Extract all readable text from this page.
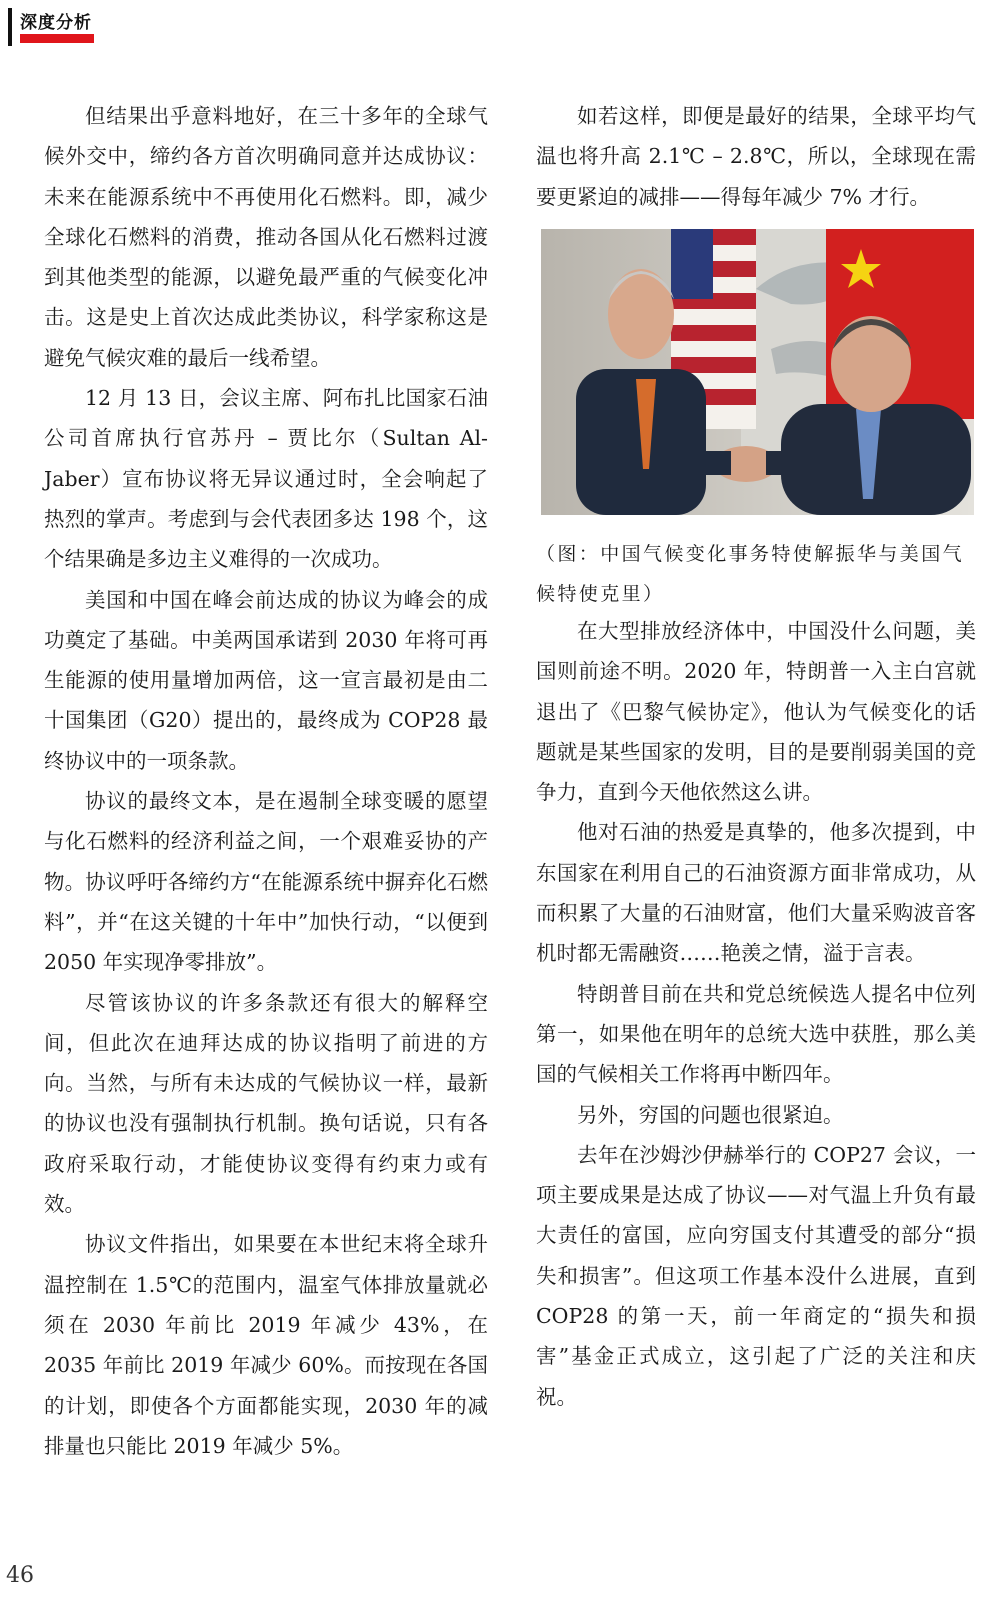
深度分析

但结果出乎意料地好，在三十多年的全球气候外交中，缔约各方首次明确同意并达成协议：未来在能源系统中不再使用化石燃料。即，减少全球化石燃料的消费，推动各国从化石燃料过渡到其他类型的能源，以避免最严重的气候变化冲击。这是史上首次达成此类协议，科学家称这是避免气候灾难的最后一线希望。

12 月 13 日，会议主席、阿布扎比国家石油公司首席执行官苏丹 – 贾比尔（Sultan Al-Jaber）宣布协议将无异议通过时，全会响起了热烈的掌声。考虑到与会代表团多达 198 个，这个结果确是多边主义难得的一次成功。

美国和中国在峰会前达成的协议为峰会的成功奠定了基础。中美两国承诺到 2030 年将可再生能源的使用量增加两倍，这一宣言最初是由二十国集团（G20）提出的，最终成为 COP28 最终协议中的一项条款。

协议的最终文本，是在遏制全球变暖的愿望与化石燃料的经济利益之间，一个艰难妥协的产物。协议呼吁各缔约方“在能源系统中摒弃化石燃料”，并“在这关键的十年中”加快行动，“以便到 2050 年实现净零排放”。

尽管该协议的许多条款还有很大的解释空间，但此次在迪拜达成的协议指明了前进的方向。当然，与所有未达成的气候协议一样，最新的协议也没有强制执行机制。换句话说，只有各政府采取行动，才能使协议变得有约束力或有效。

协议文件指出，如果要在本世纪末将全球升温控制在 1.5℃的范围内，温室气体排放量就必须在 2030 年前比 2019 年减少 43%，在 2035 年前比 2019 年减少 60%。而按现在各国的计划，即使各个方面都能实现，2030 年的减排量也只能比 2019 年减少 5%。

如若这样，即便是最好的结果，全球平均气温也将升高 2.1℃ – 2.8℃，所以，全球现在需要更紧迫的减排——得每年减少 7% 才行。

（图：中国气候变化事务特使解振华与美国气候特使克里）

在大型排放经济体中，中国没什么问题，美国则前途不明。2020 年，特朗普一入主白宫就退出了《巴黎气候协定》，他认为气候变化的话题就是某些国家的发明，目的是要削弱美国的竞争力，直到今天他依然这么讲。

他对石油的热爱是真挚的，他多次提到，中东国家在利用自己的石油资源方面非常成功，从而积累了大量的石油财富，他们大量采购波音客机时都无需融资……艳羡之情，溢于言表。

特朗普目前在共和党总统候选人提名中位列第一，如果他在明年的总统大选中获胜，那么美国的气候相关工作将再中断四年。

另外，穷国的问题也很紧迫。

去年在沙姆沙伊赫举行的 COP27 会议，一项主要成果是达成了协议——对气温上升负有最大责任的富国，应向穷国支付其遭受的部分“损失和损害”。但这项工作基本没什么进展，直到 COP28 的第一天，前一年商定的“损失和损害”基金正式成立，这引起了广泛的关注和庆祝。

46
